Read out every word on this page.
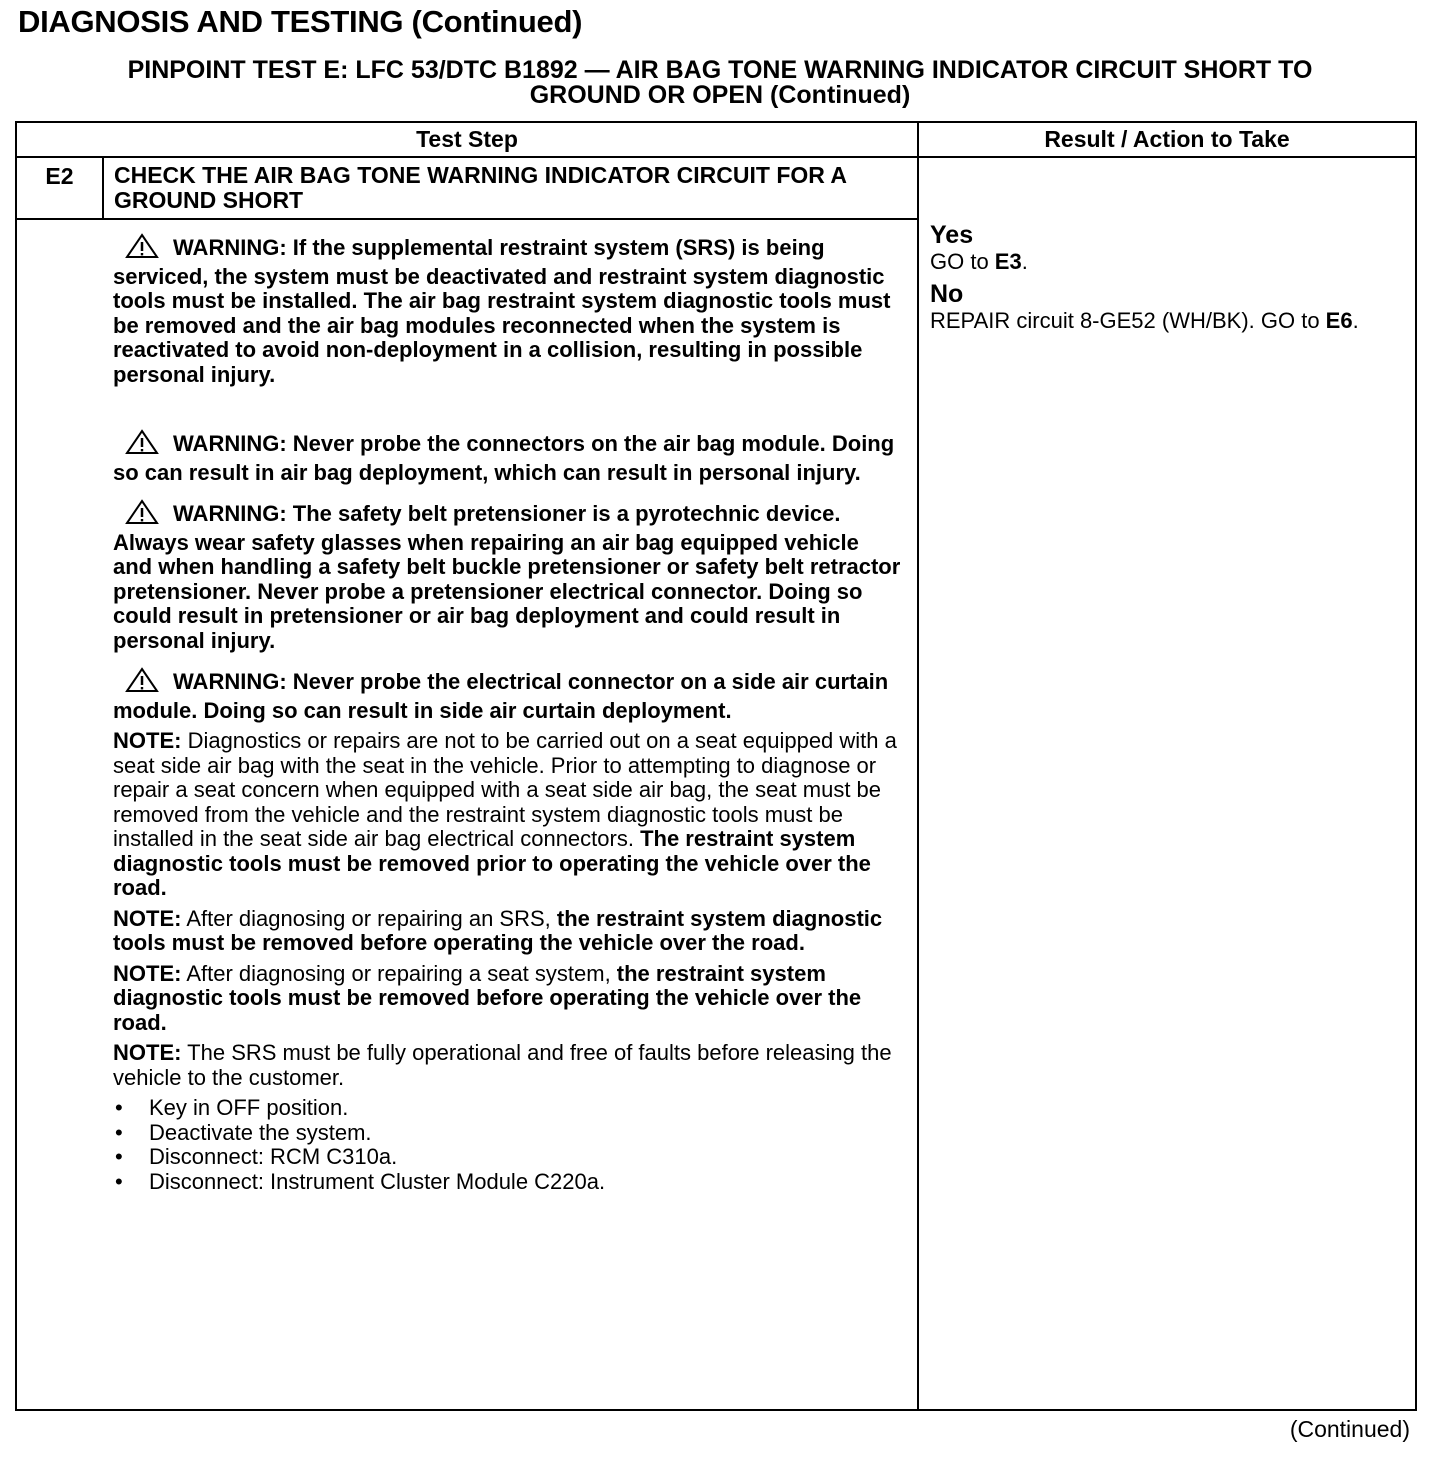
DIAGNOSIS AND TESTING (Continued)
PINPOINT TEST E: LFC 53/DTC B1892 — AIR BAG TONE WARNING INDICATOR CIRCUIT SHORT TO
GROUND OR OPEN (Continued)
Test Step	Result / Action to Take
E2	CHECK THE AIR BAG TONE WARNING INDICATOR CIRCUIT FOR A GROUND SHORT

WARNING: If the supplemental restraint system (SRS) is being serviced, the system must be deactivated and restraint system diagnostic tools must be installed. The air bag restraint system diagnostic tools must be removed and the air bag modules reconnected when the system is reactivated to avoid non-deployment in a collision, resulting in possible personal injury.

WARNING: Never probe the connectors on the air bag module. Doing so can result in air bag deployment, which can result in personal injury.

WARNING: The safety belt pretensioner is a pyrotechnic device. Always wear safety glasses when repairing an air bag equipped vehicle and when handling a safety belt buckle pretensioner or safety belt retractor pretensioner. Never probe a pretensioner electrical connector. Doing so could result in pretensioner or air bag deployment and could result in personal injury.

WARNING: Never probe the electrical connector on a side air curtain module. Doing so can result in side air curtain deployment.

NOTE: Diagnostics or repairs are not to be carried out on a seat equipped with a seat side air bag with the seat in the vehicle. Prior to attempting to diagnose or repair a seat concern when equipped with a seat side air bag, the seat must be removed from the vehicle and the restraint system diagnostic tools must be installed in the seat side air bag electrical connectors. The restraint system diagnostic tools must be removed prior to operating the vehicle over the road.

NOTE: After diagnosing or repairing an SRS, the restraint system diagnostic tools must be removed before operating the vehicle over the road.

NOTE: After diagnosing or repairing a seat system, the restraint system diagnostic tools must be removed before operating the vehicle over the road.

NOTE: The SRS must be fully operational and free of faults before releasing the vehicle to the customer.

• Key in OFF position.
• Deactivate the system.
• Disconnect: RCM C310a.
• Disconnect: Instrument Cluster Module C220a.

Yes

GO to E3.

No

REPAIR circuit 8-GE52 (WH/BK). GO to E6.

(Continued)
